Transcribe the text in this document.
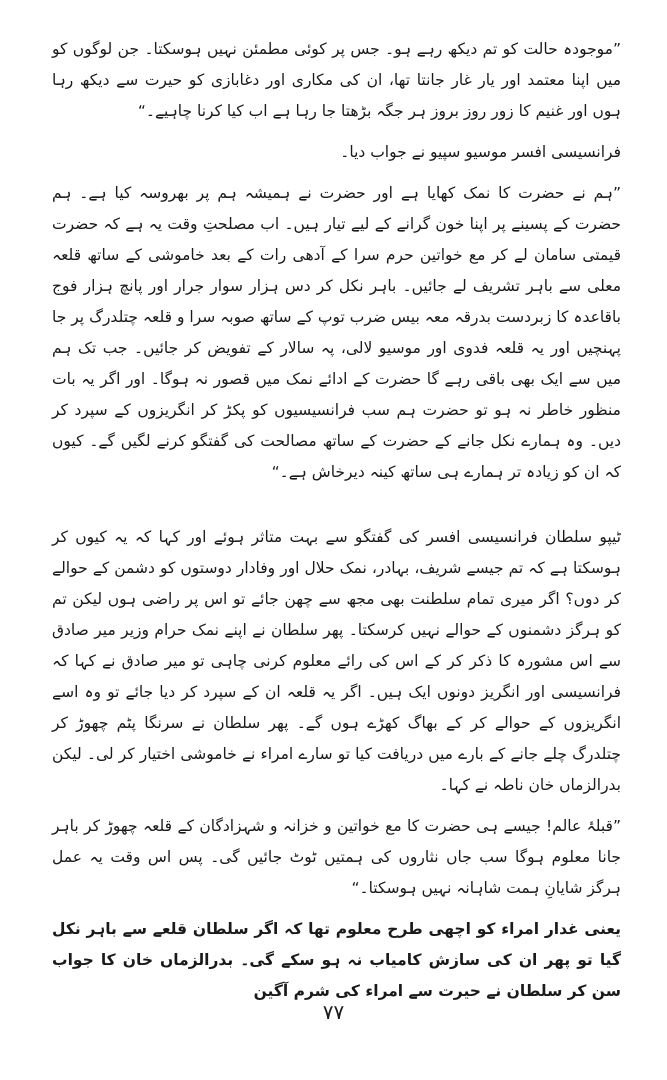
”موجودہ حالت کو تم دیکھ رہے ہو۔ جس پر کوئی مطمئن نہیں ہوسکتا۔ جن لوگوں کو میں اپنا معتمد اور یار غار جانتا تھا، ان کی مکاری اور دغابازی کو حیرت سے دیکھ رہا ہوں اور غنیم کا زور روز بروز ہر جگہ بڑھتا جا رہا ہے اب کیا کرنا چاہیے۔“

فرانسیسی افسر موسیو سپیو نے جواب دیا۔

”ہم نے حضرت کا نمک کھایا ہے اور حضرت نے ہمیشہ ہم پر بھروسہ کیا ہے۔ ہم حضرت کے پسینے پر اپنا خون گرانے کے لیے تیار ہیں۔ اب مصلحتِ وقت یہ ہے کہ حضرت قیمتی سامان لے کر مع خواتین حرم سرا کے آدھی رات کے بعد خاموشی کے ساتھ قلعہ معلی سے باہر تشریف لے جائیں۔ باہر نکل کر دس ہزار سوار جرار اور پانچ ہزار فوج باقاعدہ کا زبردست بدرقہ معہ بیس ضرب توپ کے ساتھ صوبہ سرا و قلعہ چتلدرگ پر جا پہنچیں اور یہ قلعہ فدوی اور موسیو لالی، پہ سالار کے تفویض کر جائیں۔ جب تک ہم میں سے ایک بھی باقی رہے گا حضرت کے ادائے نمک میں قصور نہ ہوگا۔ اور اگر یہ بات منظور خاطر نہ ہو تو حضرت ہم سب فرانسیسیوں کو پکڑ کر انگریزوں کے سپرد کر دیں۔ وہ ہمارے نکل جانے کے حضرت کے ساتھ مصالحت کی گفتگو کرنے لگیں گے۔ کیوں کہ ان کو زیادہ تر ہمارے ہی ساتھ کینہ دیرخاش ہے۔“

ٹیپو سلطان فرانسیسی افسر کی گفتگو سے بہت متاثر ہوئے اور کہا کہ یہ کیوں کر ہوسکتا ہے کہ تم جیسے شریف، بہادر، نمک حلال اور وفادار دوستوں کو دشمن کے حوالے کر دوں؟ اگر میری تمام سلطنت بھی مجھ سے چھن جائے تو اس پر راضی ہوں لیکن تم کو ہرگز دشمنوں کے حوالے نہیں کرسکتا۔ پھر سلطان نے اپنے نمک حرام وزیر میر صادق سے اس مشورہ کا ذکر کر کے اس کی رائے معلوم کرنی چاہی تو میر صادق نے کہا کہ فرانسیسی اور انگریز دونوں ایک ہیں۔ اگر یہ قلعہ ان کے سپرد کر دیا جائے تو وہ اسے انگریزوں کے حوالے کر کے بھاگ کھڑے ہوں گے۔ پھر سلطان نے سرنگا پٹم چھوڑ کر چتلدرگ چلے جانے کے بارے میں دریافت کیا تو سارے امراء نے خاموشی اختیار کر لی۔ لیکن بدرالزماں خان ناطہ نے کہا۔

”قبلۂ عالم! جیسے ہی حضرت کا مع خواتین و خزانہ و شہزادگان کے قلعہ چھوڑ کر باہر جانا معلوم ہوگا سب جاں نثاروں کی ہمتیں ٹوٹ جائیں گی۔ پس اس وقت یہ عمل ہرگز شایانِ ہمت شاہانہ نہیں ہوسکتا۔“

یعنی غدار امراء کو اچھی طرح معلوم تھا کہ اگر سلطان قلعے سے باہر نکل گیا تو پھر ان کی سازش کامیاب نہ ہو سکے گی۔ بدرالزماں خان کا جواب سن کر سلطان نے حیرت سے امراء کی شرم آگین

۷۷
